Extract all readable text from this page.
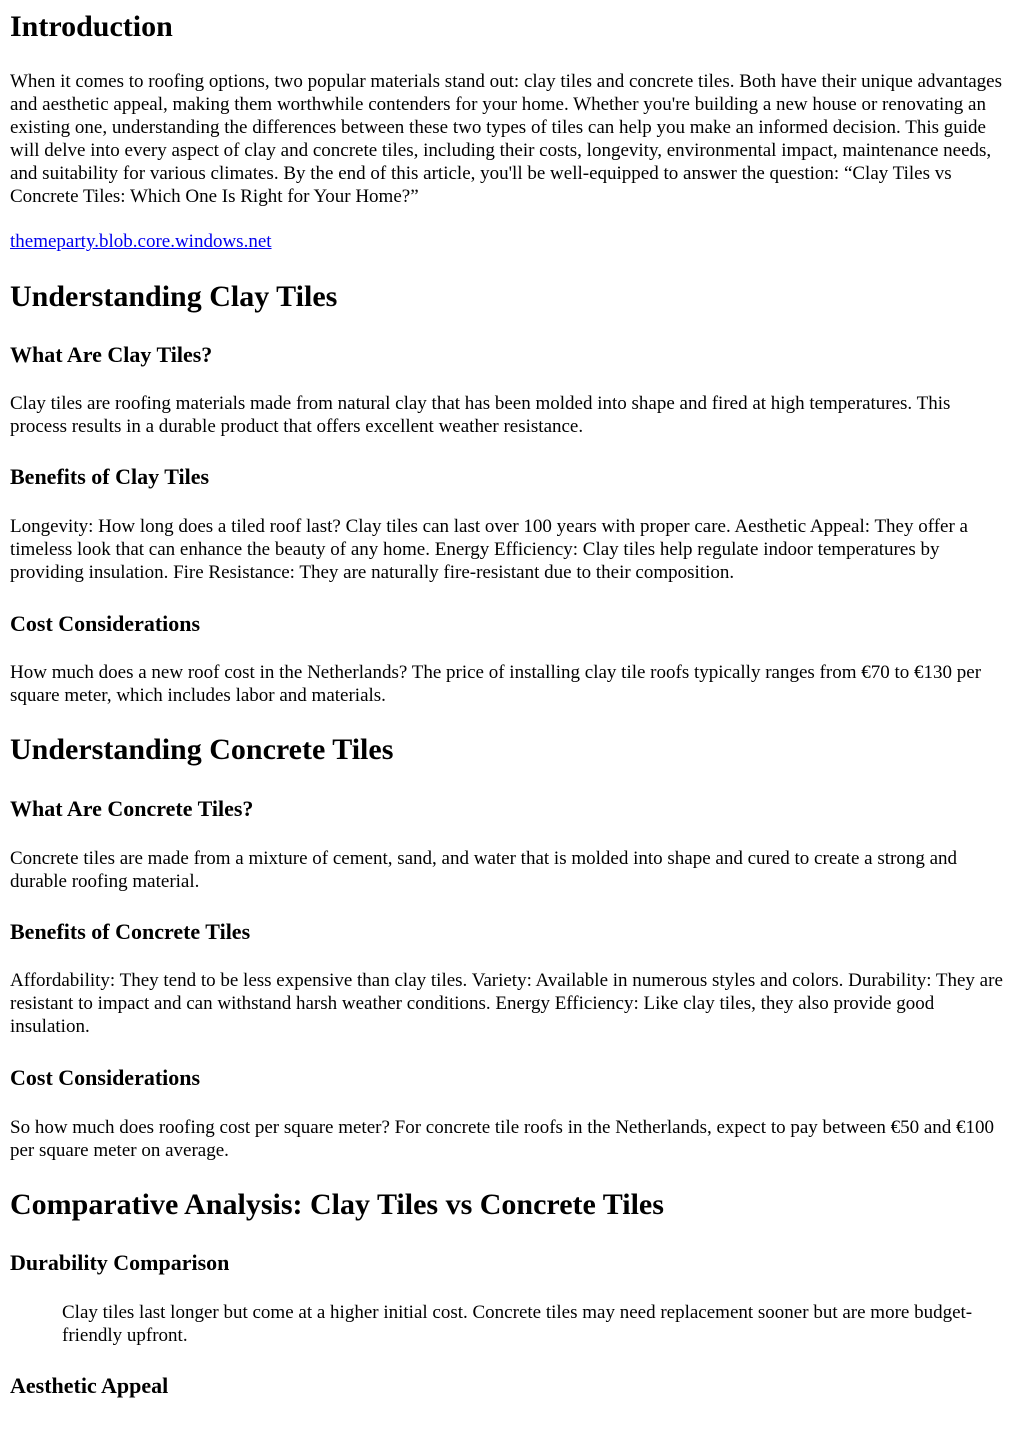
Introduction

When it comes to roofing options, two popular materials stand out: clay tiles and concrete tiles. Both have their unique advantages and aesthetic appeal, making them worthwhile contenders for your home. Whether you're building a new house or renovating an existing one, understanding the differences between these two types of tiles can help you make an informed decision. This guide will delve into every aspect of clay and concrete tiles, including their costs, longevity, environmental impact, maintenance needs, and suitability for various climates. By the end of this article, you'll be well-equipped to answer the question: “Clay Tiles vs Concrete Tiles: Which One Is Right for Your Home?”

themeparty.blob.core.windows.net

Understanding Clay Tiles
What Are Clay Tiles?

Clay tiles are roofing materials made from natural clay that has been molded into shape and fired at high temperatures. This process results in a durable product that offers excellent weather resistance.

Benefits of Clay Tiles

Longevity: How long does a tiled roof last? Clay tiles can last over 100 years with proper care. Aesthetic Appeal: They offer a timeless look that can enhance the beauty of any home. Energy Efficiency: Clay tiles help regulate indoor temperatures by providing insulation. Fire Resistance: They are naturally fire-resistant due to their composition.

Cost Considerations

How much does a new roof cost in the Netherlands? The price of installing clay tile roofs typically ranges from €70 to €130 per square meter, which includes labor and materials.

Understanding Concrete Tiles
What Are Concrete Tiles?

Concrete tiles are made from a mixture of cement, sand, and water that is molded into shape and cured to create a strong and durable roofing material.

Benefits of Concrete Tiles

Affordability: They tend to be less expensive than clay tiles. Variety: Available in numerous styles and colors. Durability: They are resistant to impact and can withstand harsh weather conditions. Energy Efficiency: Like clay tiles, they also provide good insulation.

Cost Considerations

So how much does roofing cost per square meter? For concrete tile roofs in the Netherlands, expect to pay between €50 and €100 per square meter on average.

Comparative Analysis: Clay Tiles vs Concrete Tiles
Durability Comparison
Clay tiles last longer but come at a higher initial cost. Concrete tiles may need replacement sooner but are more budget-friendly upfront.
Aesthetic Appeal
